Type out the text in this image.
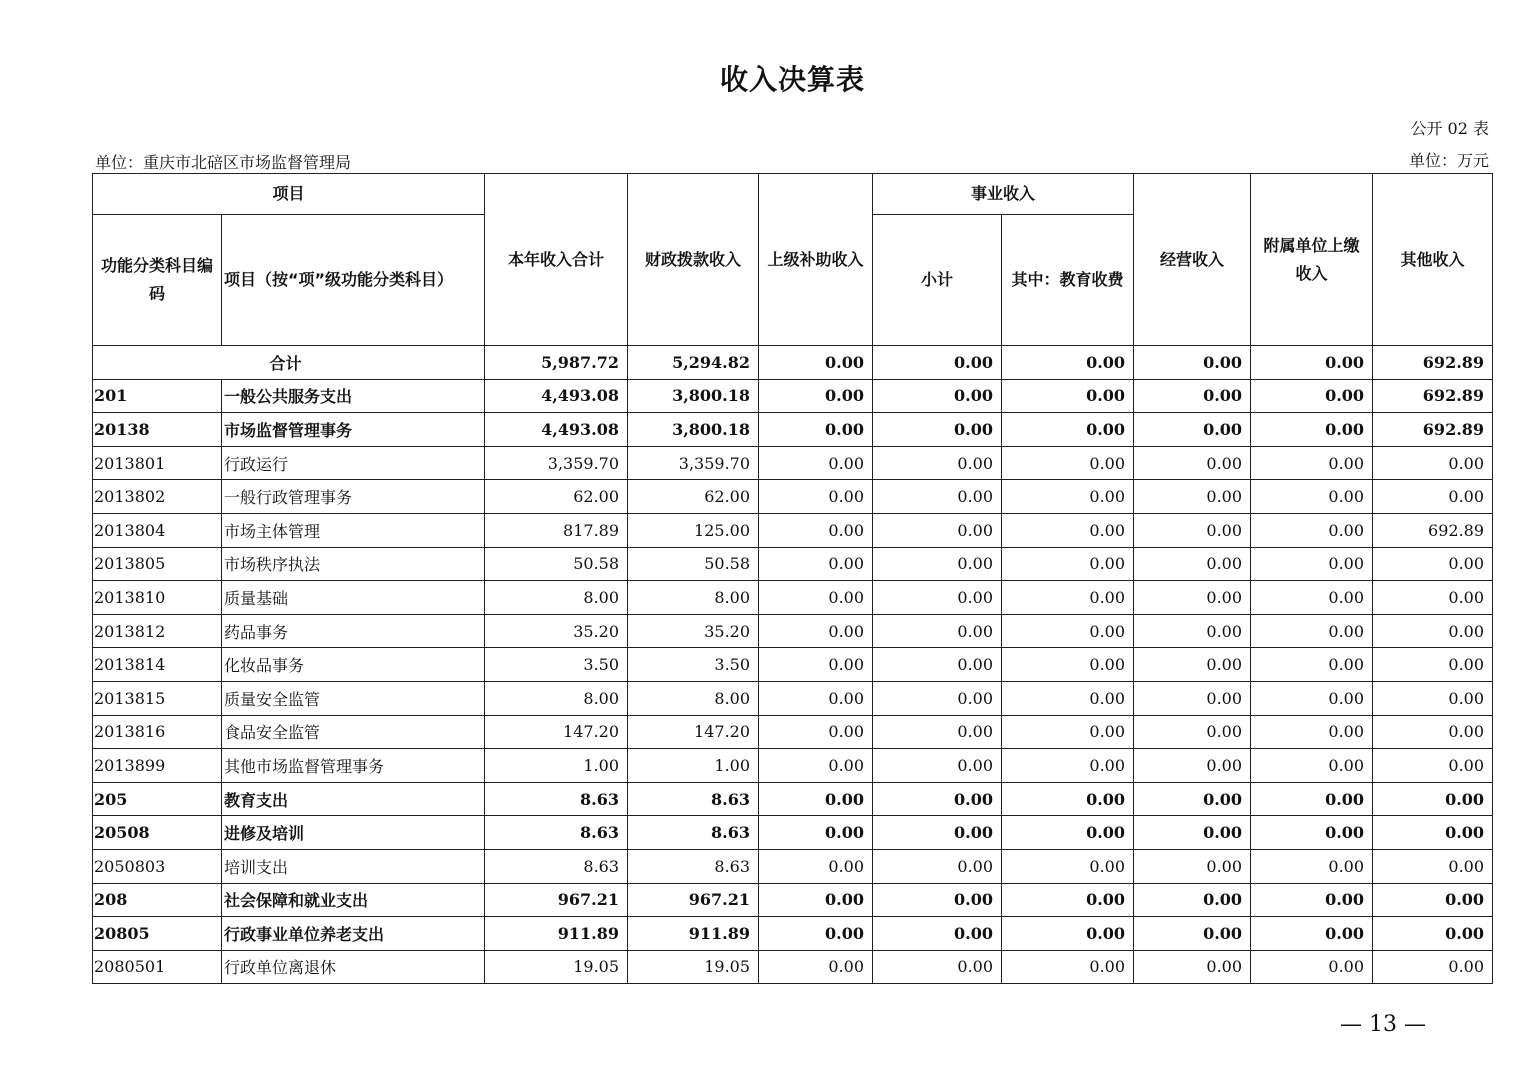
收入决算表
公开 02 表
单位：重庆市北碚区市场监督管理局	单位：万元
项目		本年收入合计	财政拨款收入	上级补助收入	事业收入		经营收入	附属单位上缴收入	其他收入
功能分类科目编码	项目（按“项”级功能分类科目）				小计	其中：教育收费			
合计		5,987.72	5,294.82	0.00	0.00	0.00	0.00	0.00	692.89
201	一般公共服务支出	4,493.08	3,800.18	0.00	0.00	0.00	0.00	0.00	692.89
20138	市场监督管理事务	4,493.08	3,800.18	0.00	0.00	0.00	0.00	0.00	692.89
2013801	行政运行	3,359.70	3,359.70	0.00	0.00	0.00	0.00	0.00	0.00
2013802	一般行政管理事务	62.00	62.00	0.00	0.00	0.00	0.00	0.00	0.00
2013804	市场主体管理	817.89	125.00	0.00	0.00	0.00	0.00	0.00	692.89
2013805	市场秩序执法	50.58	50.58	0.00	0.00	0.00	0.00	0.00	0.00
2013810	质量基础	8.00	8.00	0.00	0.00	0.00	0.00	0.00	0.00
2013812	药品事务	35.20	35.20	0.00	0.00	0.00	0.00	0.00	0.00
2013814	化妆品事务	3.50	3.50	0.00	0.00	0.00	0.00	0.00	0.00
2013815	质量安全监管	8.00	8.00	0.00	0.00	0.00	0.00	0.00	0.00
2013816	食品安全监管	147.20	147.20	0.00	0.00	0.00	0.00	0.00	0.00
2013899	其他市场监督管理事务	1.00	1.00	0.00	0.00	0.00	0.00	0.00	0.00
205	教育支出	8.63	8.63	0.00	0.00	0.00	0.00	0.00	0.00
20508	进修及培训	8.63	8.63	0.00	0.00	0.00	0.00	0.00	0.00
2050803	培训支出	8.63	8.63	0.00	0.00	0.00	0.00	0.00	0.00
208	社会保障和就业支出	967.21	967.21	0.00	0.00	0.00	0.00	0.00	0.00
20805	行政事业单位养老支出	911.89	911.89	0.00	0.00	0.00	0.00	0.00	0.00
2080501	行政单位离退休	19.05	19.05	0.00	0.00	0.00	0.00	0.00	0.00
— 13 —
